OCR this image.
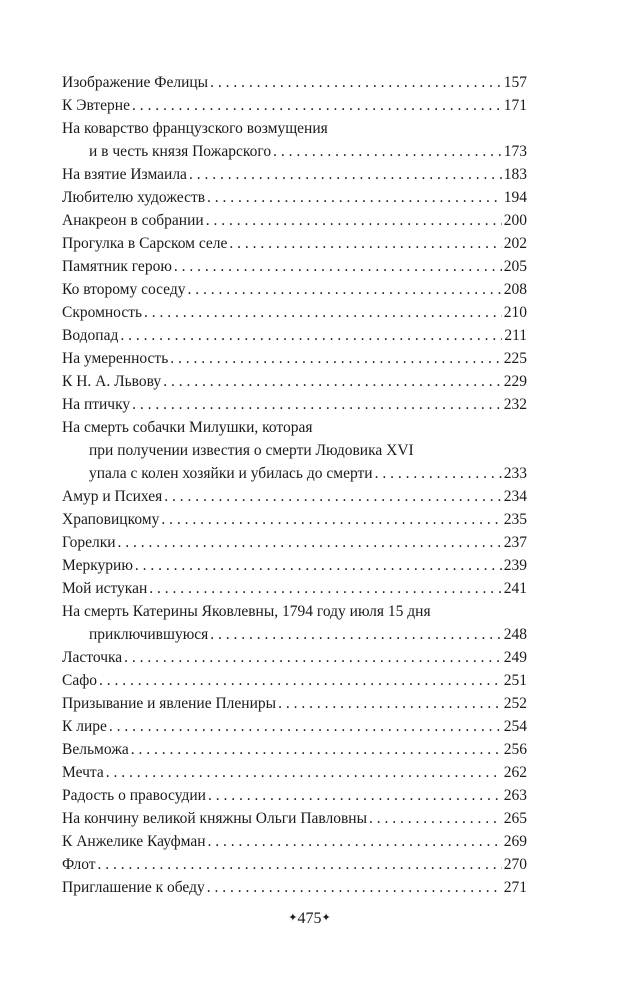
Изображение Фелицы . . .	157
К Эвтерне . . .	171
На коварство французского возмущения
и в честь князя Пожарского . . .	173
На взятие Измаила . . .	183
Любителю художеств . . .	194
Анакреон в собрании . . .	200
Прогулка в Сарском селе . . .	202
Памятник герою . . .	205
Ко второму соседу . . .	208
Скромность . . .	210
Водопад . . .	211
На умеренность . . .	225
К Н. А. Львову . . .	229
На птичку . . .	232
На смерть собачки Милушки, которая
при получении известия о смерти Людовика XVI
упала с колен хозяйки и убилась до смерти . . .	233
Амур и Психея . . .	234
Храповицкому . . .	235
Горелки . . .	237
Меркурию . . .	239
Мой истукан . . .	241
На смерть Катерины Яковлевны, 1794 году июля 15 дня
приключившуюся . . .	248
Ласточка . . .	249
Сафо . . .	251
Призывание и явление Плениры . . .	252
К лире . . .	254
Вельможа . . .	256
Мечта . . .	262
Радость о правосудии . . .	263
На кончину великой княжны Ольги Павловны . . .	265
К Анжелике Кауфман . . .	269
Флот . . .	270
Приглашение к обеду . . .	271
✦475✦
